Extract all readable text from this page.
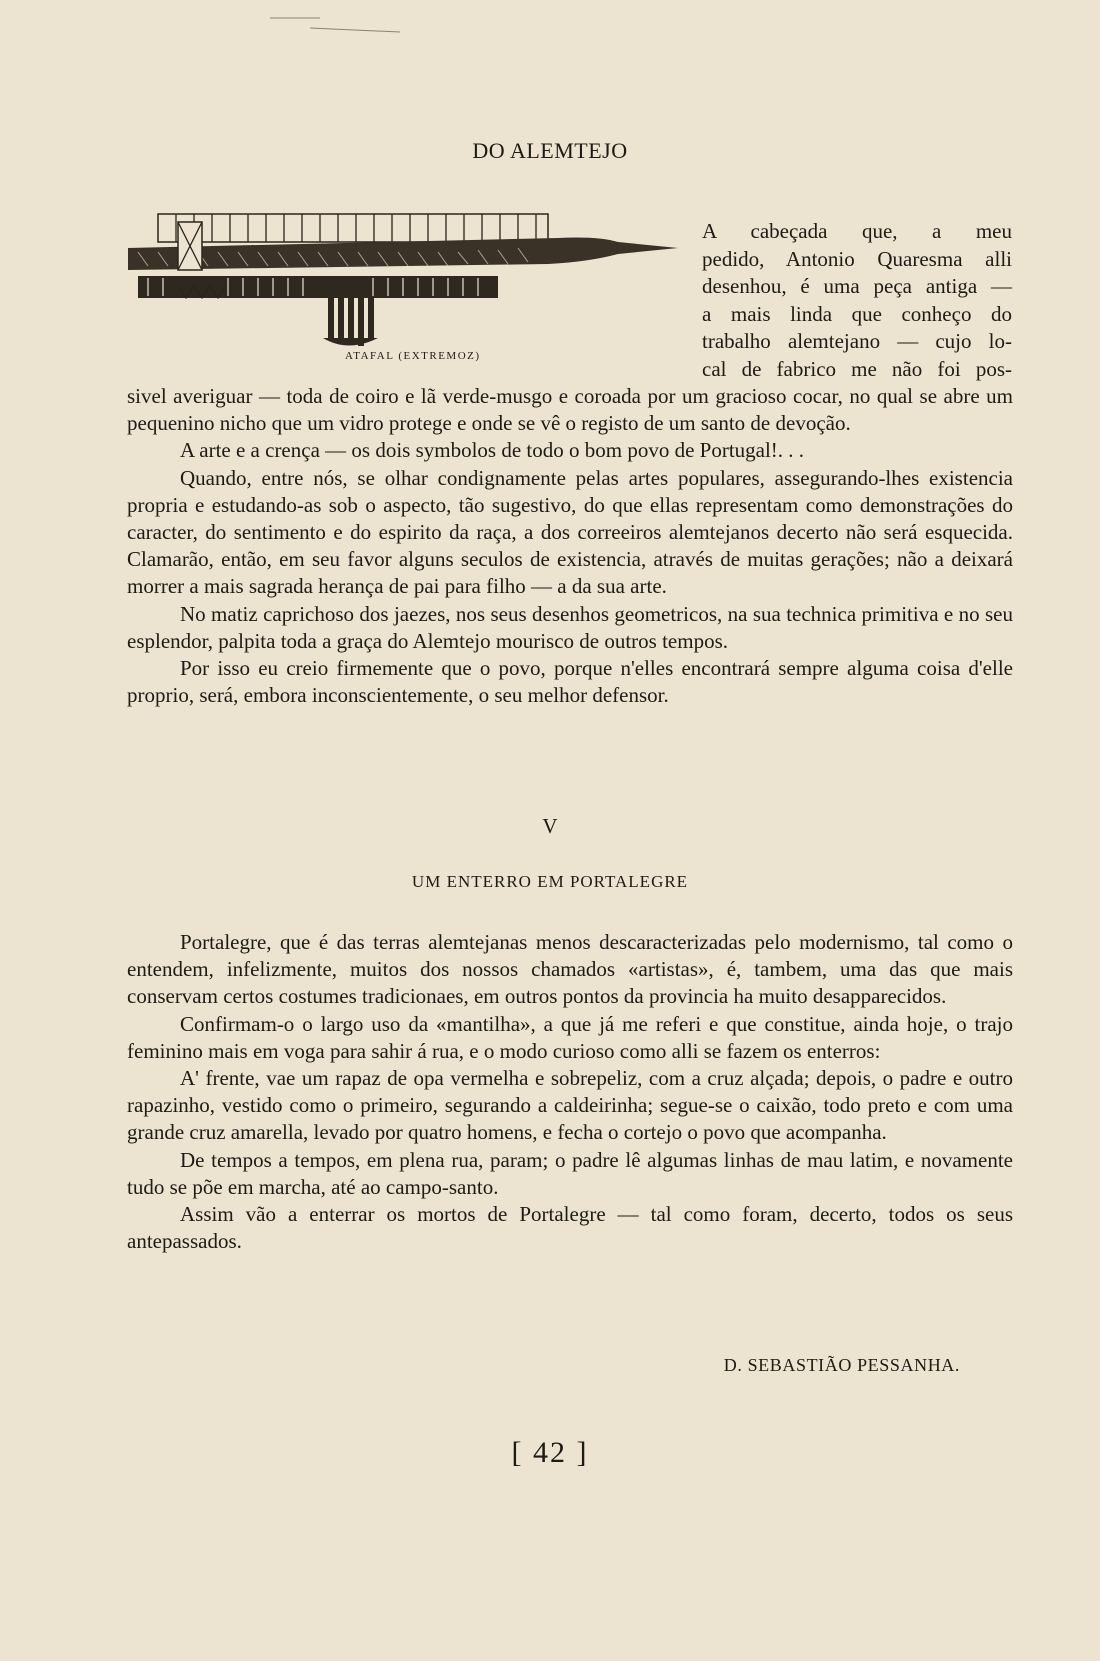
DO ALEMTEJO
ATAFAL (EXTREMOZ)

A cabeçada que, a meu

pedido, Antonio Quaresma alli

desenhou, é uma peça antiga —

a mais linda que conheço do

trabalho alemtejano — cujo lo-

cal de fabrico me não foi pos-

sivel averiguar — toda de coiro e lã verde-musgo e coroada por um gracioso cocar, no qual se abre um pequenino nicho que um vidro protege e onde se vê o registo de um santo de devoção.

A arte e a crença — os dois symbolos de todo o bom povo de Portugal!. . .

Quando, entre nós, se olhar condignamente pelas artes populares, assegurando-lhes existencia propria e estudando-as sob o aspecto, tão sugestivo, do que ellas representam como demonstrações do caracter, do sentimento e do espirito da raça, a dos correeiros alemtejanos decerto não será esquecida. Clamarão, então, em seu favor alguns seculos de existencia, através de muitas gerações; não a deixará morrer a mais sagrada herança de pai para filho — a da sua arte.

No matiz caprichoso dos jaezes, nos seus desenhos geometricos, na sua technica primitiva e no seu esplendor, palpita toda a graça do Alemtejo mourisco de outros tempos.

Por isso eu creio firmemente que o povo, porque n'elles encontrará sempre alguma coisa d'elle proprio, será, embora inconscientemente, o seu melhor defensor.

V
UM ENTERRO EM PORTALEGRE

Portalegre, que é das terras alemtejanas menos descaracterizadas pelo modernismo, tal como o entendem, infelizmente, muitos dos nossos chamados «artistas», é, tambem, uma das que mais conservam certos costumes tradicionaes, em outros pontos da provincia ha muito desapparecidos.

Confirmam-o o largo uso da «mantilha», a que já me referi e que constitue, ainda hoje, o trajo feminino mais em voga para sahir á rua, e o modo curioso como alli se fazem os enterros:

A' frente, vae um rapaz de opa vermelha e sobrepeliz, com a cruz alçada; depois, o padre e outro rapazinho, vestido como o primeiro, segurando a caldeirinha; segue-se o caixão, todo preto e com uma grande cruz amarella, levado por quatro homens, e fecha o cortejo o povo que acompanha.

De tempos a tempos, em plena rua, param; o padre lê algumas linhas de mau latim, e novamente tudo se põe em marcha, até ao campo-santo.

Assim vão a enterrar os mortos de Portalegre — tal como foram, decerto, todos os seus antepassados.

D. SEBASTIÃO PESSANHA.
[ 42 ]
